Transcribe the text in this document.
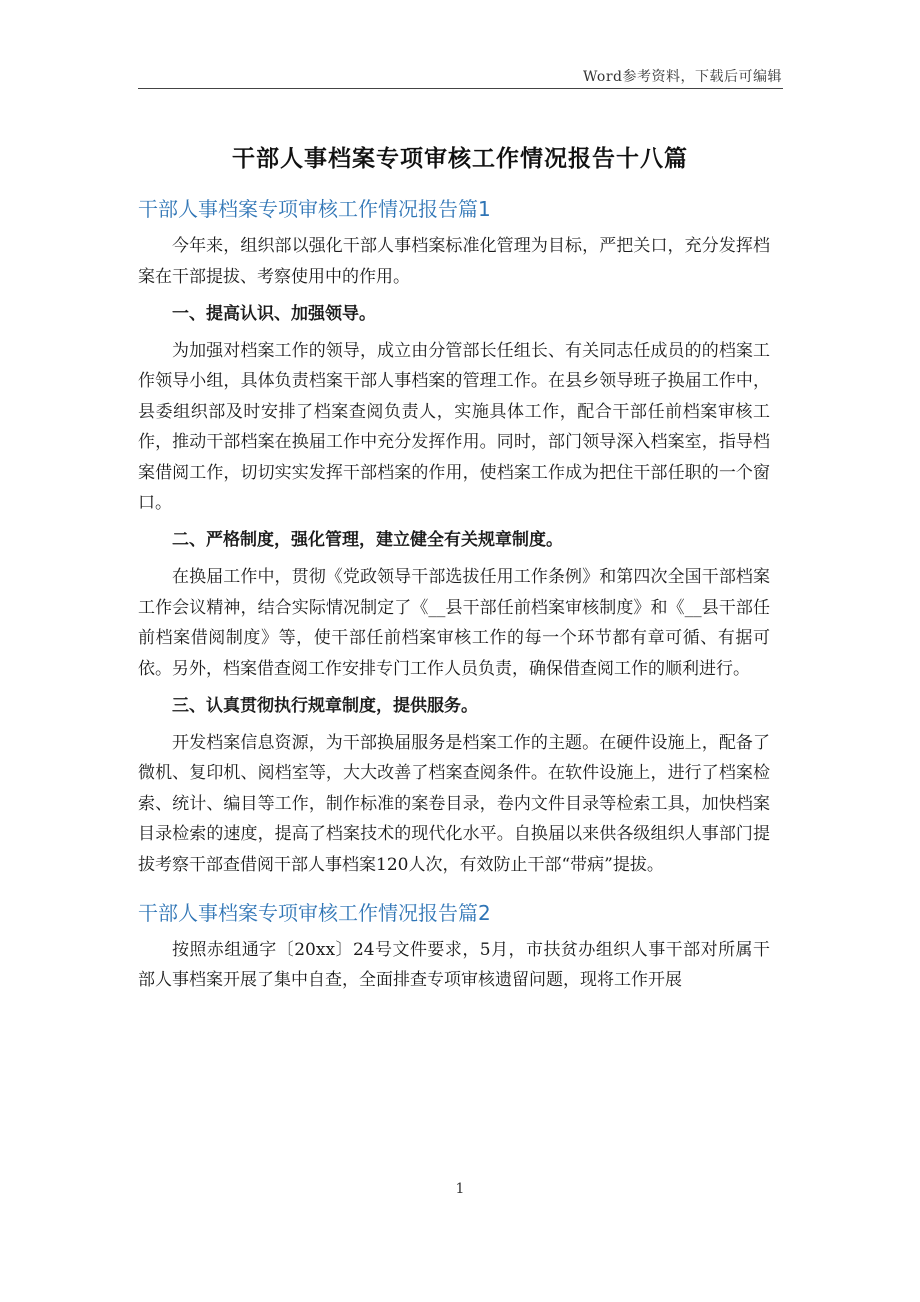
Word参考资料，下载后可编辑
干部人事档案专项审核工作情况报告十八篇
干部人事档案专项审核工作情况报告篇1

今年来，组织部以强化干部人事档案标准化管理为目标，严把关口，充分发挥档案在干部提拔、考察使用中的作用。

一、提高认识、加强领导。

为加强对档案工作的领导，成立由分管部长任组长、有关同志任成员的的档案工作领导小组，具体负责档案干部人事档案的管理工作。在县乡领导班子换届工作中，县委组织部及时安排了档案查阅负责人，实施具体工作，配合干部任前档案审核工作，推动干部档案在换届工作中充分发挥作用。同时，部门领导深入档案室，指导档案借阅工作，切切实实发挥干部档案的作用，使档案工作成为把住干部任职的一个窗口。

二、严格制度，强化管理，建立健全有关规章制度。

在换届工作中，贯彻《党政领导干部选拔任用工作条例》和第四次全国干部档案工作会议精神，结合实际情况制定了《__县干部任前档案审核制度》和《__县干部任前档案借阅制度》等，使干部任前档案审核工作的每一个环节都有章可循、有据可依。另外，档案借查阅工作安排专门工作人员负责，确保借查阅工作的顺利进行。

三、认真贯彻执行规章制度，提供服务。

开发档案信息资源，为干部换届服务是档案工作的主题。在硬件设施上，配备了微机、复印机、阅档室等，大大改善了档案查阅条件。在软件设施上，进行了档案检索、统计、编目等工作，制作标准的案卷目录，卷内文件目录等检索工具，加快档案目录检索的速度，提高了档案技术的现代化水平。自换届以来供各级组织人事部门提拔考察干部查借阅干部人事档案120人次，有效防止干部“带病”提拔。

干部人事档案专项审核工作情况报告篇2

按照赤组通字〔20xx〕24号文件要求，5月，市扶贫办组织人事干部对所属干部人事档案开展了集中自查，全面排查专项审核遗留问题，现将工作开展

1
